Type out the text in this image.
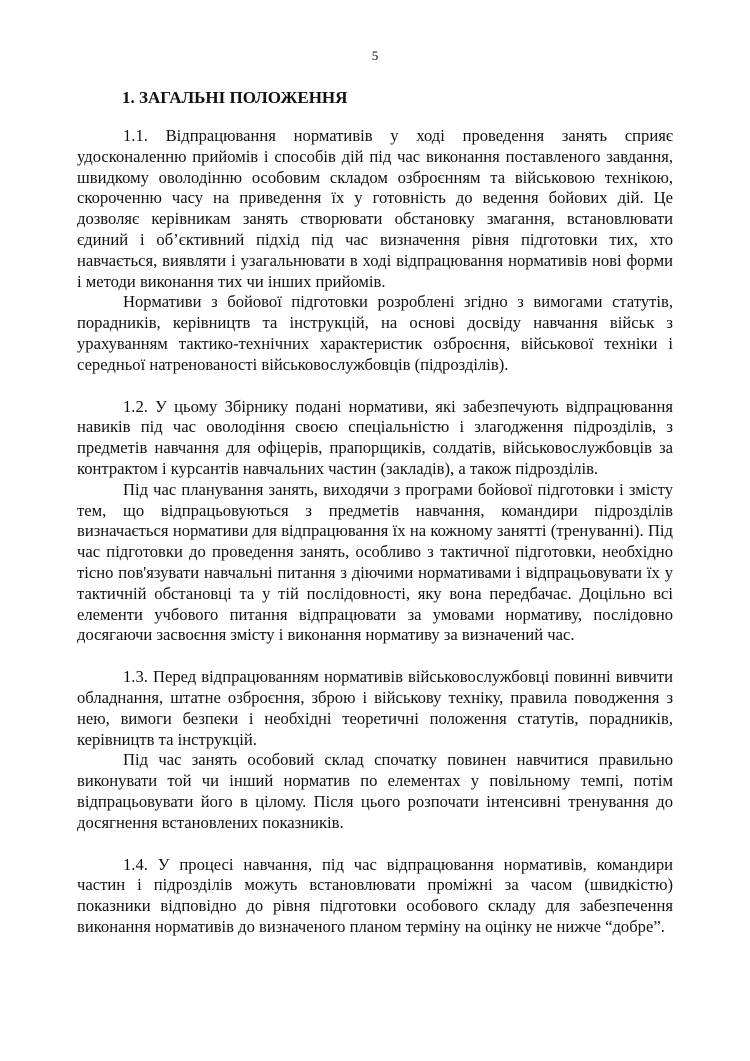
5
1. ЗАГАЛЬНІ ПОЛОЖЕННЯ

1.1. Відпрацювання нормативів у ході проведення занять сприяє удосконаленню прийомів і способів дій під час виконання поставленого завдання, швидкому оволодінню особовим складом озброєнням та військовою технікою, скороченню часу на приведення їх у готовність до ведення бойових дій. Це дозволяє керівникам занять створювати обстановку змагання, встановлювати єдиний і об’єктивний підхід під час визначення рівня підготовки тих, хто навчається, виявляти і узагальнювати в ході відпрацювання нормативів нові форми і методи виконання тих чи інших прийомів.

Нормативи з бойової підготовки розроблені згідно з вимогами статутів, порадників, керівництв та інструкцій, на основі досвіду навчання військ з урахуванням тактико-технічних характеристик озброєння, військової техніки і середньої натренованості військовослужбовців (підрозділів).

1.2. У цьому Збірнику подані нормативи, які забезпечують відпрацювання навиків під час оволодіння своєю спеціальністю і злагодження підрозділів, з предметів навчання для офіцерів, прапорщиків, солдатів, військовослужбовців за контрактом і курсантів навчальних частин (закладів), а також підрозділів.

Під час планування занять, виходячи з програми бойової підготовки і змісту тем, що відпрацьовуються з предметів навчання, командири підрозділів визначається нормативи для відпрацювання їх на кожному занятті (тренуванні). Під час підготовки до проведення занять, особливо з тактичної підготовки, необхідно тісно пов'язувати навчальні питання з діючими нормативами і відпрацьовувати їх у тактичній обстановці та у тій послідовності, яку вона передбачає. Доцільно всі елементи учбового питання відпрацювати за умовами нормативу, послідовно досягаючи засвоєння змісту і виконання нормативу за визначений час.

1.3. Перед відпрацюванням нормативів військовослужбовці повинні вивчити обладнання, штатне озброєння, зброю і військову техніку, правила поводження з нею, вимоги безпеки і необхідні теоретичні положення статутів, порадників, керівництв та інструкцій.

Під час занять особовий склад спочатку повинен навчитися правильно виконувати той чи інший норматив по елементах у повільному темпі, потім відпрацьовувати його в цілому. Після цього розпочати інтенсивні тренування до досягнення встановлених показників.

1.4. У процесі навчання, під час відпрацювання нормативів, командири частин і підрозділів можуть встановлювати проміжні за часом (швидкістю) показники відповідно до рівня підготовки особового складу для забезпечення виконання нормативів до визначеного планом терміну на оцінку не нижче “добре”.
